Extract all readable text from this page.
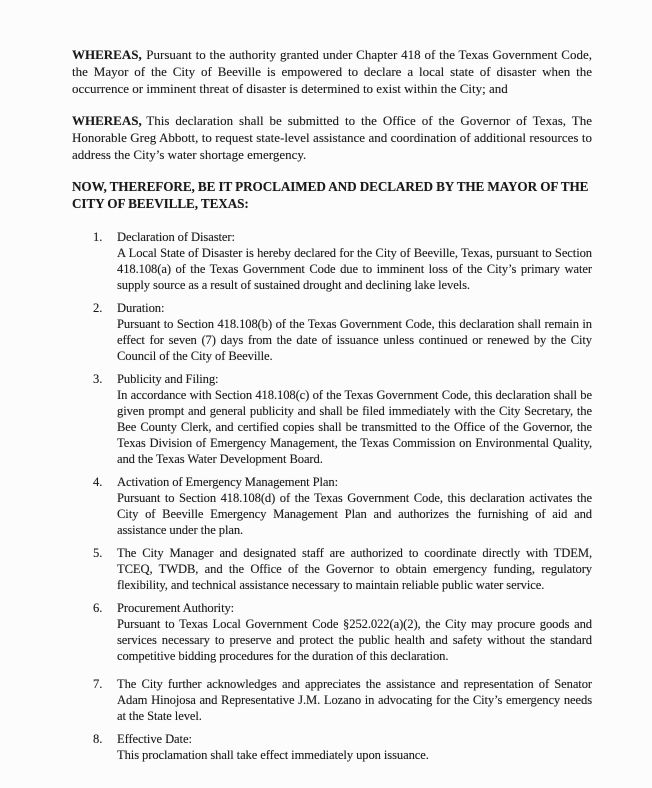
WHEREAS, Pursuant to the authority granted under Chapter 418 of the Texas Government Code, the Mayor of the City of Beeville is empowered to declare a local state of disaster when the occurrence or imminent threat of disaster is determined to exist within the City; and

WHEREAS, This declaration shall be submitted to the Office of the Governor of Texas, The Honorable Greg Abbott, to request state-level assistance and coordination of additional resources to address the City’s water shortage emergency.

NOW, THEREFORE, BE IT PROCLAIMED AND DECLARED BY THE MAYOR OF THE CITY OF BEEVILLE, TEXAS:

1.	Declaration of Disaster:
A Local State of Disaster is hereby declared for the City of Beeville, Texas, pursuant to Section 418.108(a) of the Texas Government Code due to imminent loss of the City’s primary water supply source as a result of sustained drought and declining lake levels.
2.	Duration:
Pursuant to Section 418.108(b) of the Texas Government Code, this declaration shall remain in effect for seven (7) days from the date of issuance unless continued or renewed by the City Council of the City of Beeville.
3.	Publicity and Filing:
In accordance with Section 418.108(c) of the Texas Government Code, this declaration shall be given prompt and general publicity and shall be filed immediately with the City Secretary, the Bee County Clerk, and certified copies shall be transmitted to the Office of the Governor, the Texas Division of Emergency Management, the Texas Commission on Environmental Quality, and the Texas Water Development Board.
4.	Activation of Emergency Management Plan:
Pursuant to Section 418.108(d) of the Texas Government Code, this declaration activates the City of Beeville Emergency Management Plan and authorizes the furnishing of aid and assistance under the plan.
5.	The City Manager and designated staff are authorized to coordinate directly with TDEM, TCEQ, TWDB, and the Office of the Governor to obtain emergency funding, regulatory flexibility, and technical assistance necessary to maintain reliable public water service.
6.	Procurement Authority:
Pursuant to Texas Local Government Code §252.022(a)(2), the City may procure goods and services necessary to preserve and protect the public health and safety without the standard competitive bidding procedures for the duration of this declaration.
7.	The City further acknowledges and appreciates the assistance and representation of Senator Adam Hinojosa and Representative J.M. Lozano in advocating for the City’s emergency needs at the State level.
8.	Effective Date:
This proclamation shall take effect immediately upon issuance.
